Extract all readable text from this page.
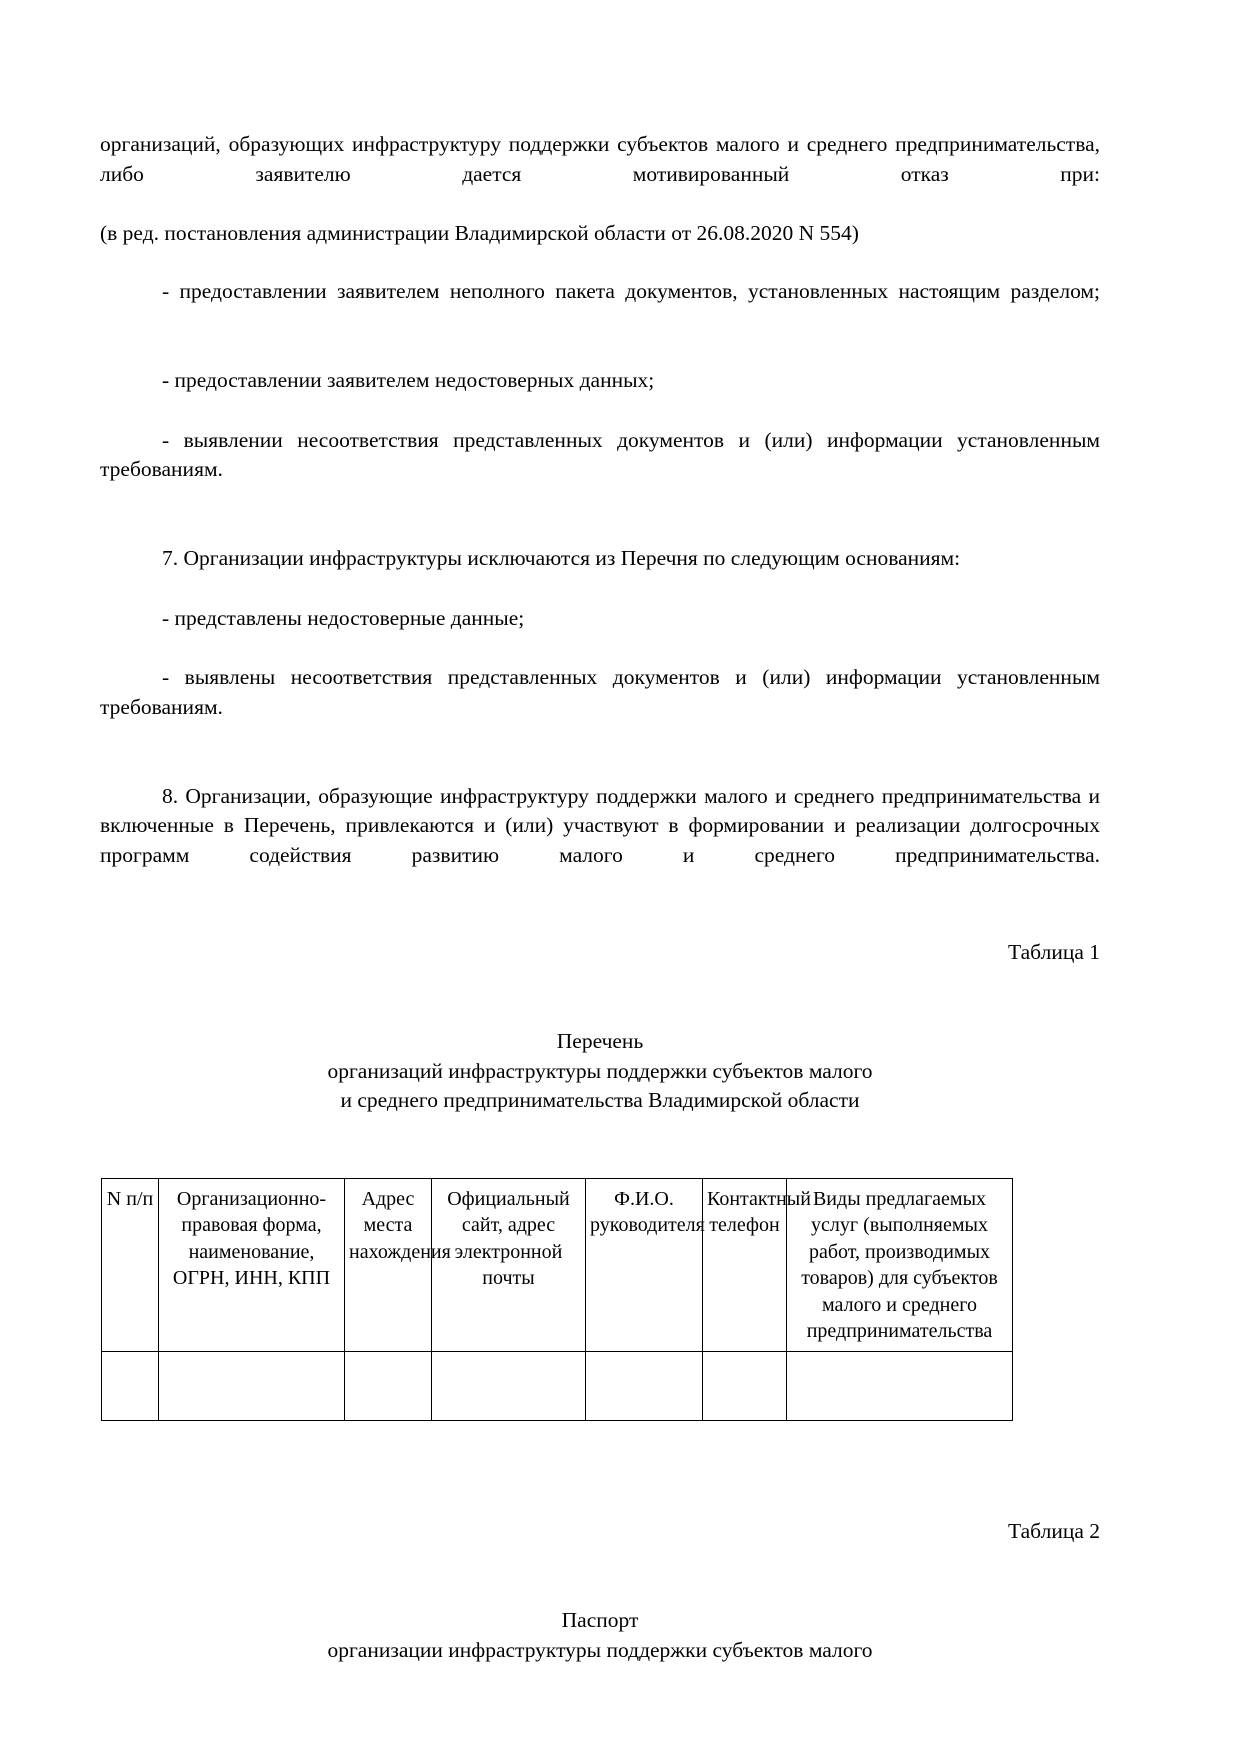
организаций, образующих инфраструктуру поддержки субъектов малого и среднего предпринимательства, либо заявителю дается мотивированный отказ при:

(в ред. постановления администрации Владимирской области от 26.08.2020 N 554)

- предоставлении заявителем неполного пакета документов, установленных настоящим разделом;

- предоставлении заявителем недостоверных данных;

- выявлении несоответствия представленных документов и (или) информации установленным требованиям.

7. Организации инфраструктуры исключаются из Перечня по следующим основаниям:

- представлены недостоверные данные;

- выявлены несоответствия представленных документов и (или) информации установленным требованиям.

8. Организации, образующие инфраструктуру поддержки малого и среднего предпринимательства и включенные в Перечень, привлекаются и (или) участвуют в формировании и реализации долгосрочных программ содействия развитию малого и среднего предпринимательства.

Таблица 1
Перечень
организаций инфраструктуры поддержки субъектов малого
и среднего предпринимательства Владимирской области
N п/п	Организационно-правовая форма, наименование, ОГРН, ИНН, КПП	Адрес места нахождения	Официальный сайт, адрес электронной почты	Ф.И.О. руководителя	Контактный телефон	Виды предлагаемых услуг (выполняемых работ, производимых товаров) для субъектов малого и среднего предпринимательства

Таблица 2
Паспорт
организации инфраструктуры поддержки субъектов малого
